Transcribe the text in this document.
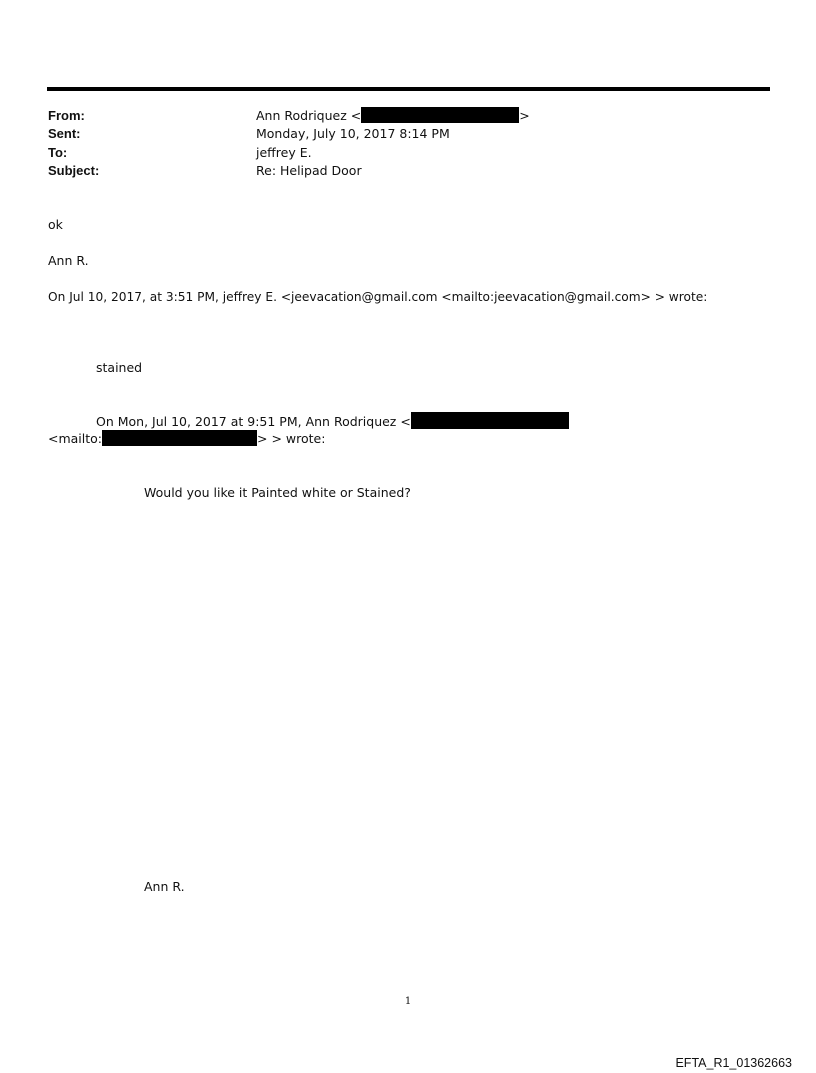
From:	Ann Rodriquez <	>
Sent:	Monday, July 10, 2017 8:14 PM
To:	jeffrey E.
Subject:	Re: Helipad Door
ok
Ann R.
On Jul 10, 2017, at 3:51 PM, jeffrey E. <jeevacation@gmail.com <mailto:jeevacation@gmail.com> > wrote:
stained
On Mon, Jul 10, 2017 at 9:51 PM, Ann Rodriquez <
<mailto:	> > wrote:
Would you like it Painted white or Stained?
Ann R.
1
EFTA_R1_01362663
